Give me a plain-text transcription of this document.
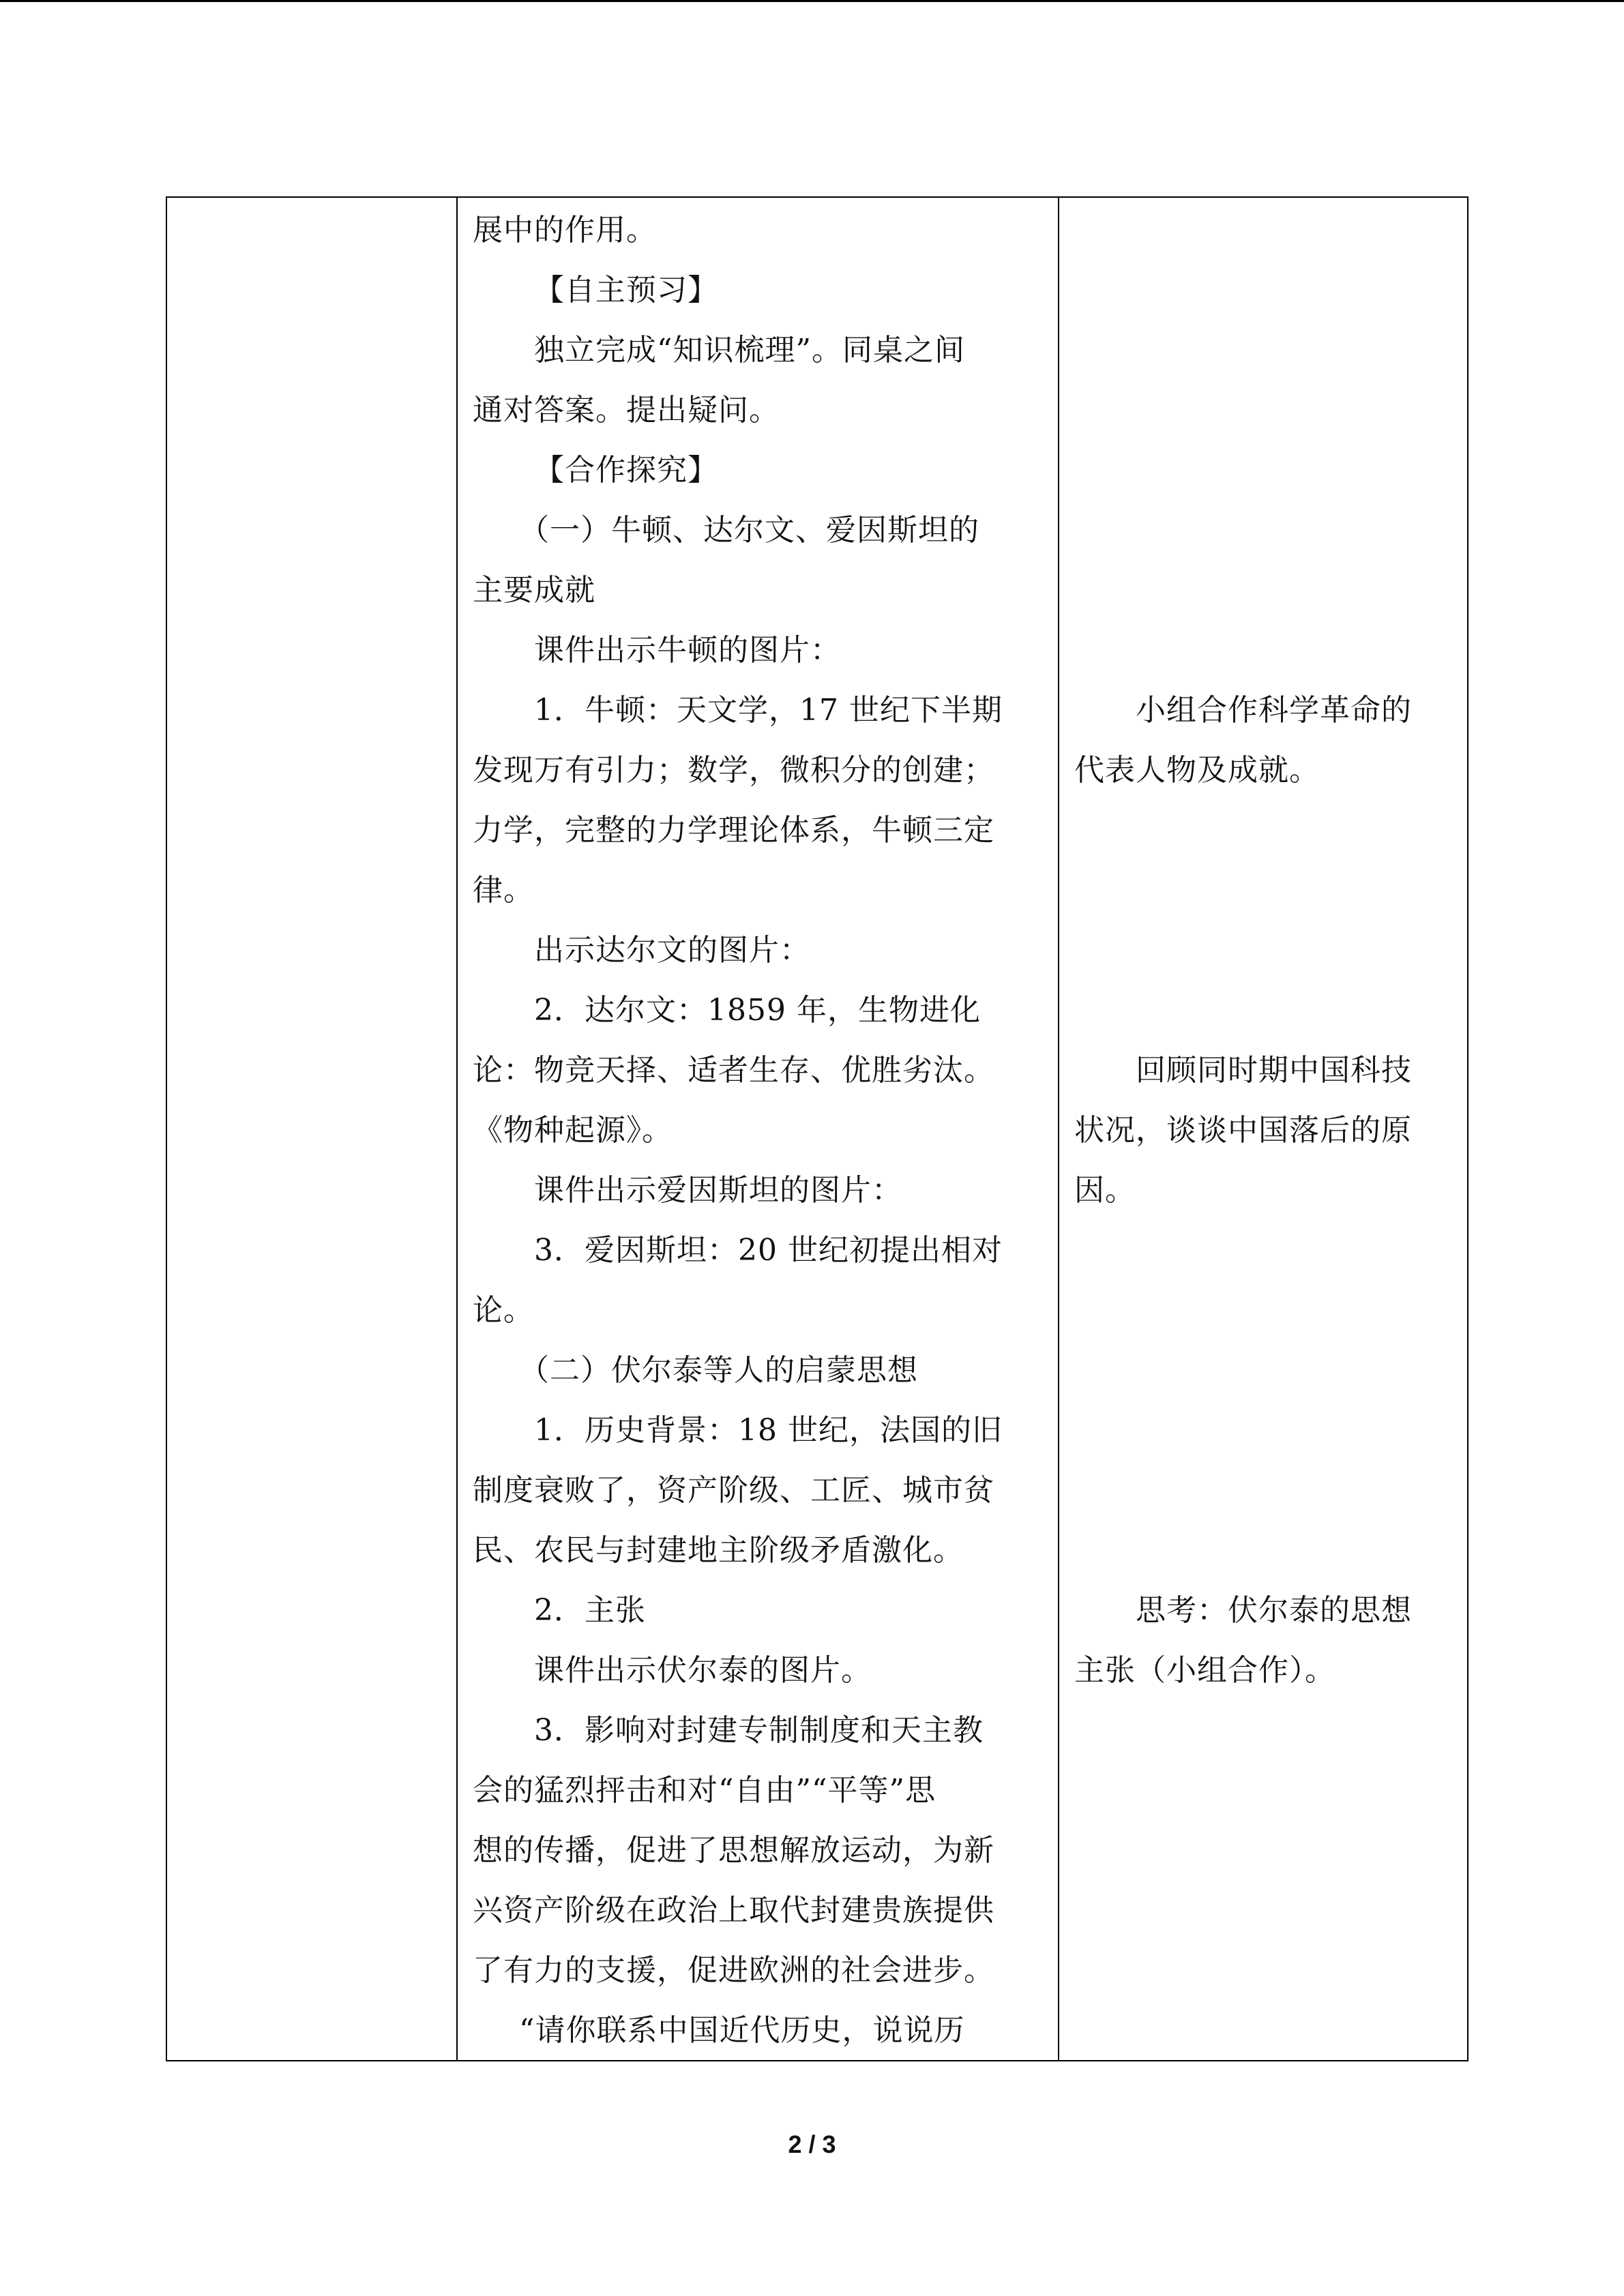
展中的作用。
【自主预习】
独立完成“知识梳理”。同桌之间
通对答案。提出疑问。
【合作探究】
（一）牛顿、达尔文、爱因斯坦的
主要成就
课件出示牛顿的图片：
1．牛顿：天文学，17 世纪下半期
发现万有引力；数学，微积分的创建；
力学，完整的力学理论体系，牛顿三定
律。
出示达尔文的图片：
2．达尔文：1859 年，生物进化
论：物竞天择、适者生存、优胜劣汰。
《物种起源》。
课件出示爱因斯坦的图片：
3．爱因斯坦：20 世纪初提出相对
论。
（二）伏尔泰等人的启蒙思想
1．历史背景：18 世纪，法国的旧
制度衰败了，资产阶级、工匠、城市贫
民、农民与封建地主阶级矛盾激化。
2．主张
课件出示伏尔泰的图片。
3．影响对封建专制制度和天主教
会的猛烈抨击和对“自由”“平等”思
想的传播，促进了思想解放运动，为新
兴资产阶级在政治上取代封建贵族提供
了有力的支援，促进欧洲的社会进步。
“请你联系中国近代历史，说说历

小组合作科学革命的
代表人物及成就。
回顾同时期中国科技
状况，谈谈中国落后的原
因。
思考：伏尔泰的思想
主张（小组合作）。
2 / 3
